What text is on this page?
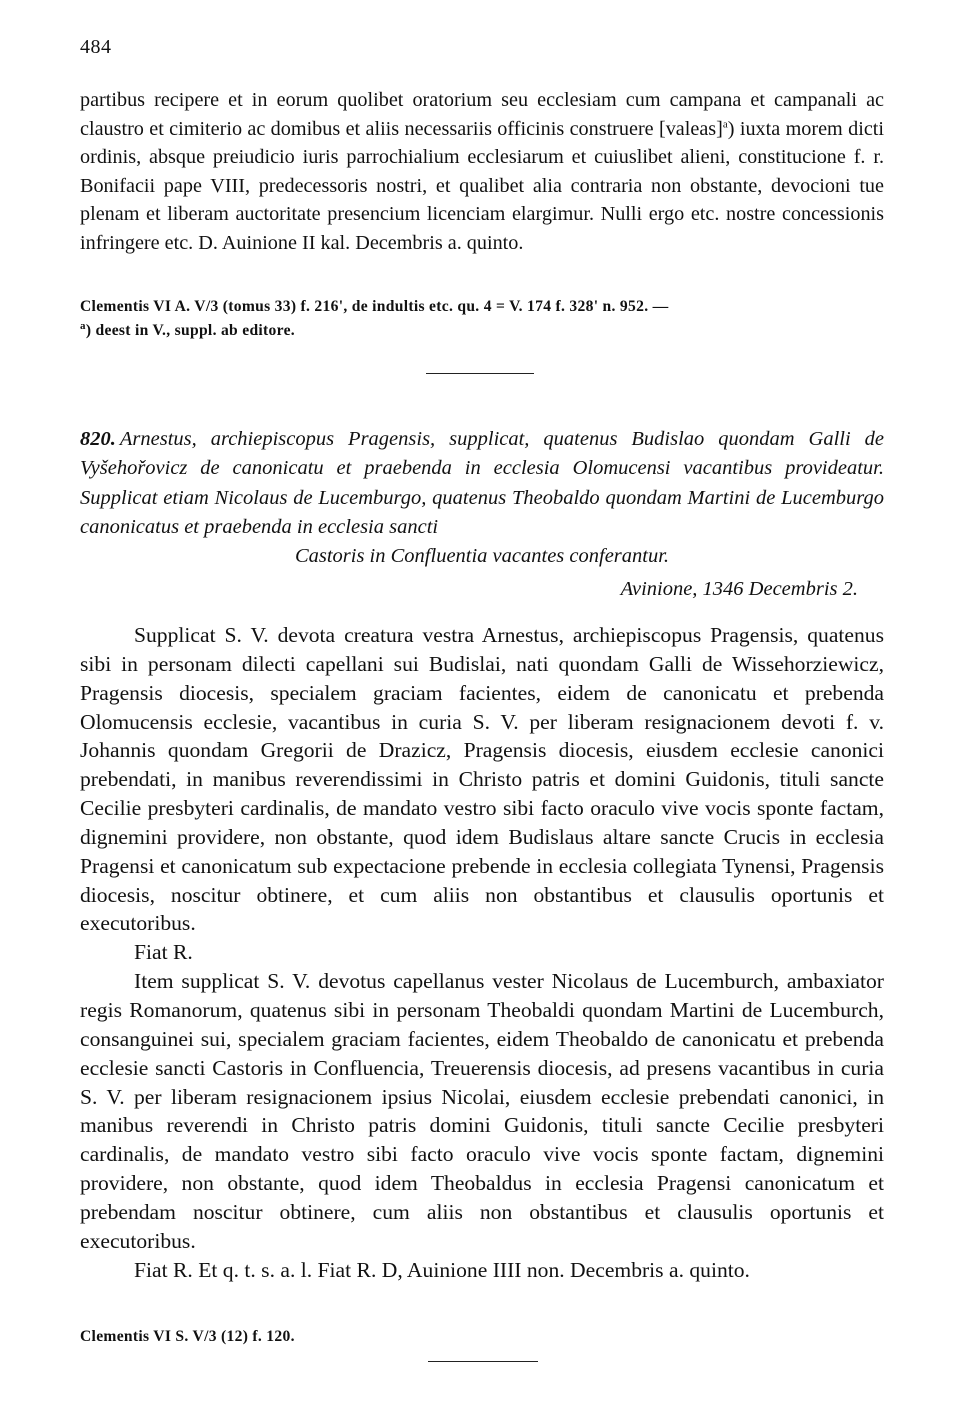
484
partibus recipere et in eorum quolibet oratorium seu ecclesiam cum campana et campanali ac claustro et cimiterio ac domibus et aliis necessariis officinis construere [valeas]$^a$) iuxta morem dicti ordinis, absque preiudicio iuris parrochialium ecclesiarum et cuiuslibet alieni, constitucione f. r. Bonifacii pape VIII, predecessoris nostri, et qualibet alia contraria non obstante, devocioni tue plenam et liberam auctoritate presencium licenciam elargimur. Nulli ergo etc. nostre concessionis infringere etc. D. Auinione II kal. Decembris a. quinto.
Clementis VI A. V/3 (tomus 33) f. 216', de indultis etc. qu. 4 = V. 174 f. 328' n. 952. —
$^a$) deest in V., suppl. ab editore.
820. Arnestus, archiepiscopus Pragensis, supplicat, quatenus Budislao quondam Galli de Vyšehořovicz de canonicatu et praebenda in ecclesia Olomucensi vacantibus provideatur. Supplicat etiam Nicolaus de Lucemburgo, quatenus Theobaldo quondam Martini de Lucemburgo canonicatus et praebenda in ecclesia sancti
Castoris in Confluentia vacantes conferantur.
Avinione, 1346 Decembris 2.

Supplicat S. V. devota creatura vestra Arnestus, archiepiscopus Pragensis, quatenus sibi in personam dilecti capellani sui Budislai, nati quondam Galli de Wissehorziewicz, Pragensis diocesis, specialem graciam facientes, eidem de canonicatu et prebenda Olomucensis ecclesie, vacantibus in curia S. V. per liberam resignacionem devoti f. v. Johannis quondam Gregorii de Drazicz, Pragensis diocesis, eiusdem ecclesie canonici prebendati, in manibus reverendissimi in Christo patris et domini Guidonis, tituli sancte Cecilie presbyteri cardinalis, de mandato vestro sibi facto oraculo vive vocis sponte factam, dignemini providere, non obstante, quod idem Budislaus altare sancte Crucis in ecclesia Pragensi et canonicatum sub expectacione prebende in ecclesia collegiata Tynensi, Pragensis diocesis, noscitur obtinere, et cum aliis non obstantibus et clausulis oportunis et executoribus.

Fiat R.

Item supplicat S. V. devotus capellanus vester Nicolaus de Lucemburch, ambaxiator regis Romanorum, quatenus sibi in personam Theobaldi quondam Martini de Lucemburch, consanguinei sui, specialem graciam facientes, eidem Theobaldo de canonicatu et prebenda ecclesie sancti Castoris in Confluencia, Treuerensis diocesis, ad presens vacantibus in curia S. V. per liberam resignacionem ipsius Nicolai, eiusdem ecclesie prebendati canonici, in manibus reverendi in Christo patris domini Guidonis, tituli sancte Cecilie presbyteri cardinalis, de mandato vestro sibi facto oraculo vive vocis sponte factam, dignemini providere, non obstante, quod idem Theobaldus in ecclesia Pragensi canonicatum et prebendam noscitur obtinere, cum aliis non obstantibus et clausulis oportunis et executoribus.

Fiat R. Et q. t. s. a. l. Fiat R. D, Auinione IIII non. Decembris a. quinto.

Clementis VI S. V/3 (12) f. 120.
